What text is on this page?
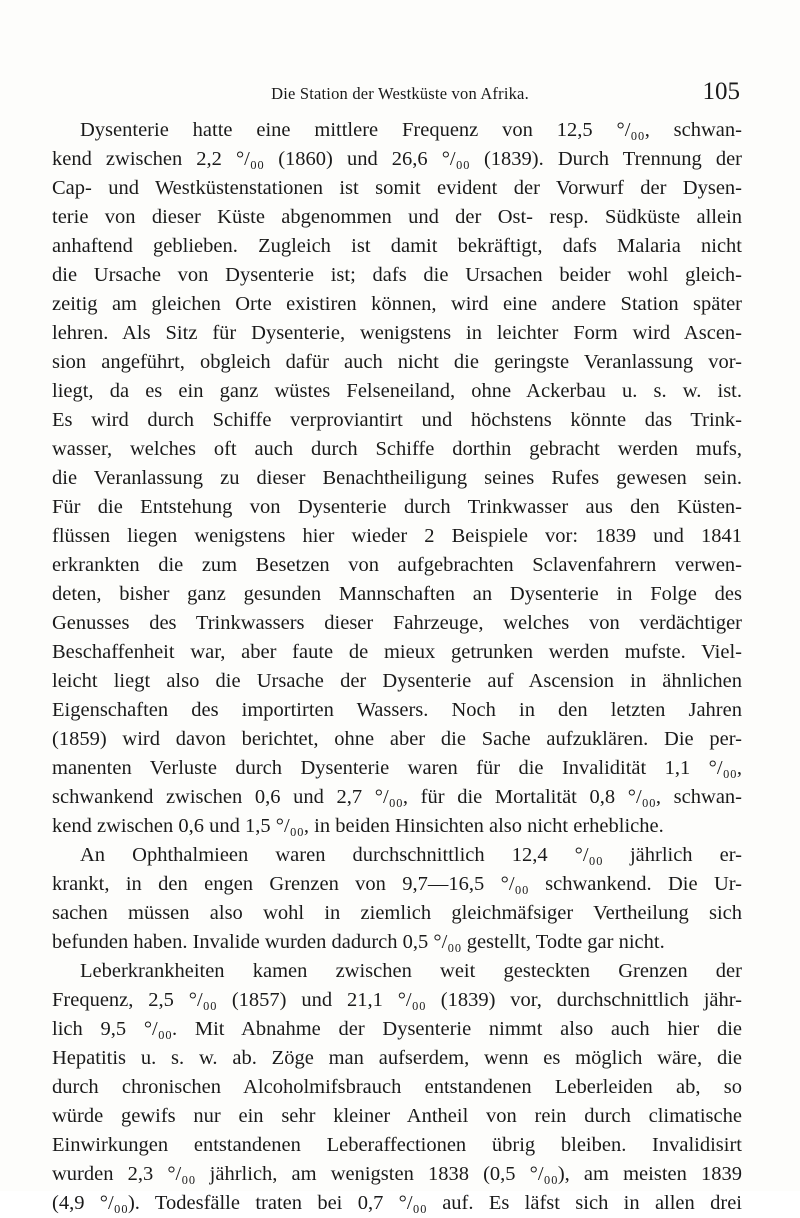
Die Station der Westküste von Afrika.	105
Dysenterie hatte eine mittlere Frequenz von 12,5 °/₀₀, schwan-
kend zwischen 2,2 °/₀₀ (1860) und 26,6 °/₀₀ (1839). Durch Trennung der
Cap- und Westküstenstationen ist somit evident der Vorwurf der Dysen-
terie von dieser Küste abgenommen und der Ost- resp. Südküste allein
anhaftend geblieben. Zugleich ist damit bekräftigt, dafs Malaria nicht
die Ursache von Dysenterie ist; dafs die Ursachen beider wohl gleich-
zeitig am gleichen Orte existiren können, wird eine andere Station später
lehren. Als Sitz für Dysenterie, wenigstens in leichter Form wird Ascen-
sion angeführt, obgleich dafür auch nicht die geringste Veranlassung vor-
liegt, da es ein ganz wüstes Felseneiland, ohne Ackerbau u. s. w. ist.
Es wird durch Schiffe verproviantirt und höchstens könnte das Trink-
wasser, welches oft auch durch Schiffe dorthin gebracht werden mufs,
die Veranlassung zu dieser Benachtheiligung seines Rufes gewesen sein.
Für die Entstehung von Dysenterie durch Trinkwasser aus den Küsten-
flüssen liegen wenigstens hier wieder 2 Beispiele vor: 1839 und 1841
erkrankten die zum Besetzen von aufgebrachten Sclavenfahrern verwen-
deten, bisher ganz gesunden Mannschaften an Dysenterie in Folge des
Genusses des Trinkwassers dieser Fahrzeuge, welches von verdächtiger
Beschaffenheit war, aber faute de mieux getrunken werden mufste. Viel-
leicht liegt also die Ursache der Dysenterie auf Ascension in ähnlichen
Eigenschaften des importirten Wassers. Noch in den letzten Jahren
(1859) wird davon berichtet, ohne aber die Sache aufzuklären. Die per-
manenten Verluste durch Dysenterie waren für die Invalidität 1,1 °/₀₀,
schwankend zwischen 0,6 und 2,7 °/₀₀, für die Mortalität 0,8 °/₀₀, schwan-
kend zwischen 0,6 und 1,5 °/₀₀, in beiden Hinsichten also nicht erhebliche.
An Ophthalmieen waren durchschnittlich 12,4 °/₀₀ jährlich er-
krankt, in den engen Grenzen von 9,7—16,5 °/₀₀ schwankend. Die Ur-
sachen müssen also wohl in ziemlich gleichmäfsiger Vertheilung sich
befunden haben. Invalide wurden dadurch 0,5 °/₀₀ gestellt, Todte gar nicht.
Leberkrankheiten kamen zwischen weit gesteckten Grenzen der
Frequenz, 2,5 °/₀₀ (1857) und 21,1 °/₀₀ (1839) vor, durchschnittlich jähr-
lich 9,5 °/₀₀. Mit Abnahme der Dysenterie nimmt also auch hier die
Hepatitis u. s. w. ab. Zöge man aufserdem, wenn es möglich wäre, die
durch chronischen Alcoholmifsbrauch entstandenen Leberleiden ab, so
würde gewifs nur ein sehr kleiner Antheil von rein durch climatische
Einwirkungen entstandenen Leberaffectionen übrig bleiben. Invalidisirt
wurden 2,3 °/₀₀ jährlich, am wenigsten 1838 (0,5 °/₀₀), am meisten 1839
(4,9 °/₀₀). Todesfälle traten bei 0,7 °/₀₀ auf. Es läfst sich in allen drei
